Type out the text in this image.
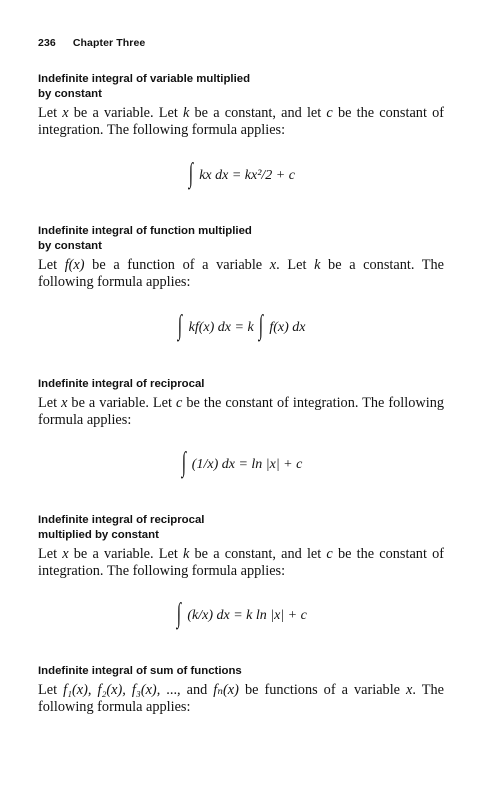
236 Chapter Three
Indefinite integral of variable multiplied
by constant

Let x be a variable. Let k be a constant, and let c be the constant of integration. The following formula applies:

∫ kx dx = kx²/2 + c
Indefinite integral of function multiplied
by constant

Let f(x) be a function of a variable x. Let k be a constant. The following formula applies:

∫ kf(x) dx = k ∫ f(x) dx
Indefinite integral of reciprocal

Let x be a variable. Let c be the constant of integration. The following formula applies:

∫ (1/x) dx = ln |x| + c
Indefinite integral of reciprocal
multiplied by constant

Let x be a variable. Let k be a constant, and let c be the constant of integration. The following formula applies:

∫ (k/x) dx = k ln |x| + c
Indefinite integral of sum of functions

Let f₁(x), f₂(x), f₃(x), ..., and fₙ(x) be functions of a variable x. The following formula applies:
